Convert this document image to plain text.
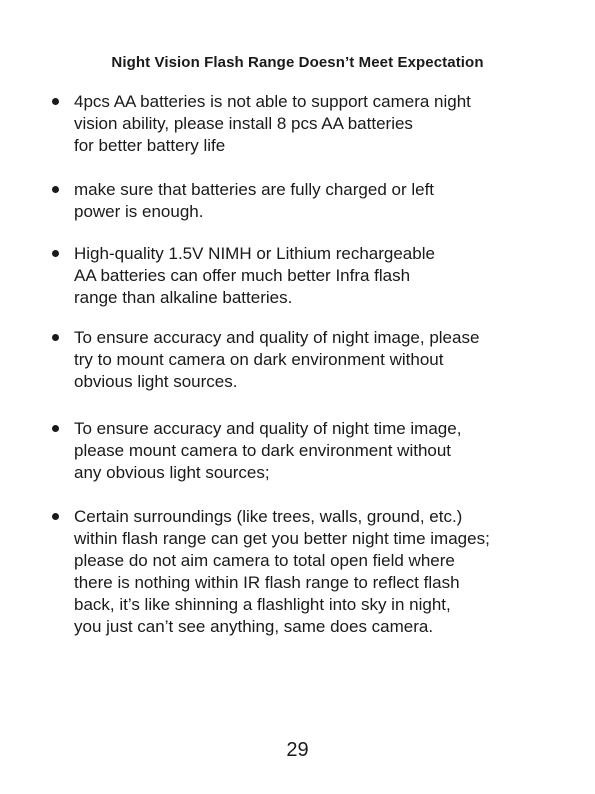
Night Vision Flash Range Doesn’t Meet Expectation
4pcs AA batteries is not able to support camera night
vision ability, please install 8 pcs AA batteries
for better battery life
make sure that batteries are fully charged or left
power is enough.
High-quality 1.5V NIMH or Lithium rechargeable
AA batteries can offer much better Infra flash
range than alkaline batteries.
To ensure accuracy and quality of night image, please
try to mount camera on dark environment without
obvious light sources.
To ensure accuracy and quality of night time image,
please mount camera to dark environment without
any obvious light sources;
Certain surroundings (like trees, walls, ground, etc.)
within flash range can get you better night time images;
please do not aim camera to total open field where
there is nothing within IR flash range to reflect flash
back, it’s like shinning a flashlight into sky in night,
you just can’t see anything, same does camera.
29
